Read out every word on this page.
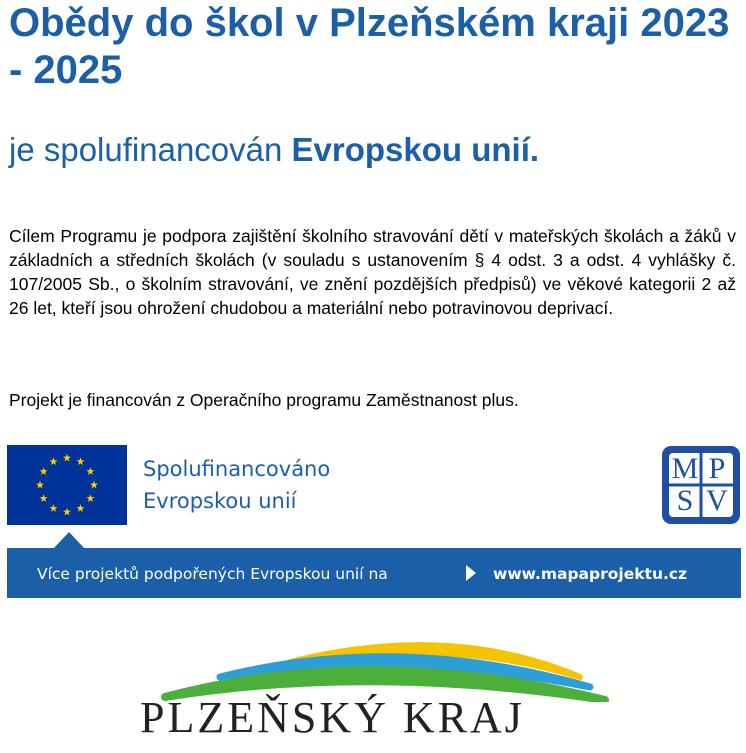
Obědy do škol v Plzeňském kraji 2023 - 2025

je spolufinancován Evropskou unií.

Cílem Programu je podpora zajištění školního stravování dětí v mateřských školách a žáků v základních a středních školách (v souladu s ustanovením § 4 odst. 3 a odst. 4 vyhlášky č. 107/2005 Sb., o školním stravování, ve znění pozdějších předpisů) ve věkové kategorii 2 až 26 let, kteří jsou ohrožení chudobou a materiální nebo potravinovou deprivací.

Projekt je financován z Operačního programu Zaměstnanost plus.

Spolufinancováno
Evropskou unií
M P
S V
Více projektů podpořených Evropskou unií na	www.mapaprojektu.cz
PLZEŇSKÝ KRAJ
